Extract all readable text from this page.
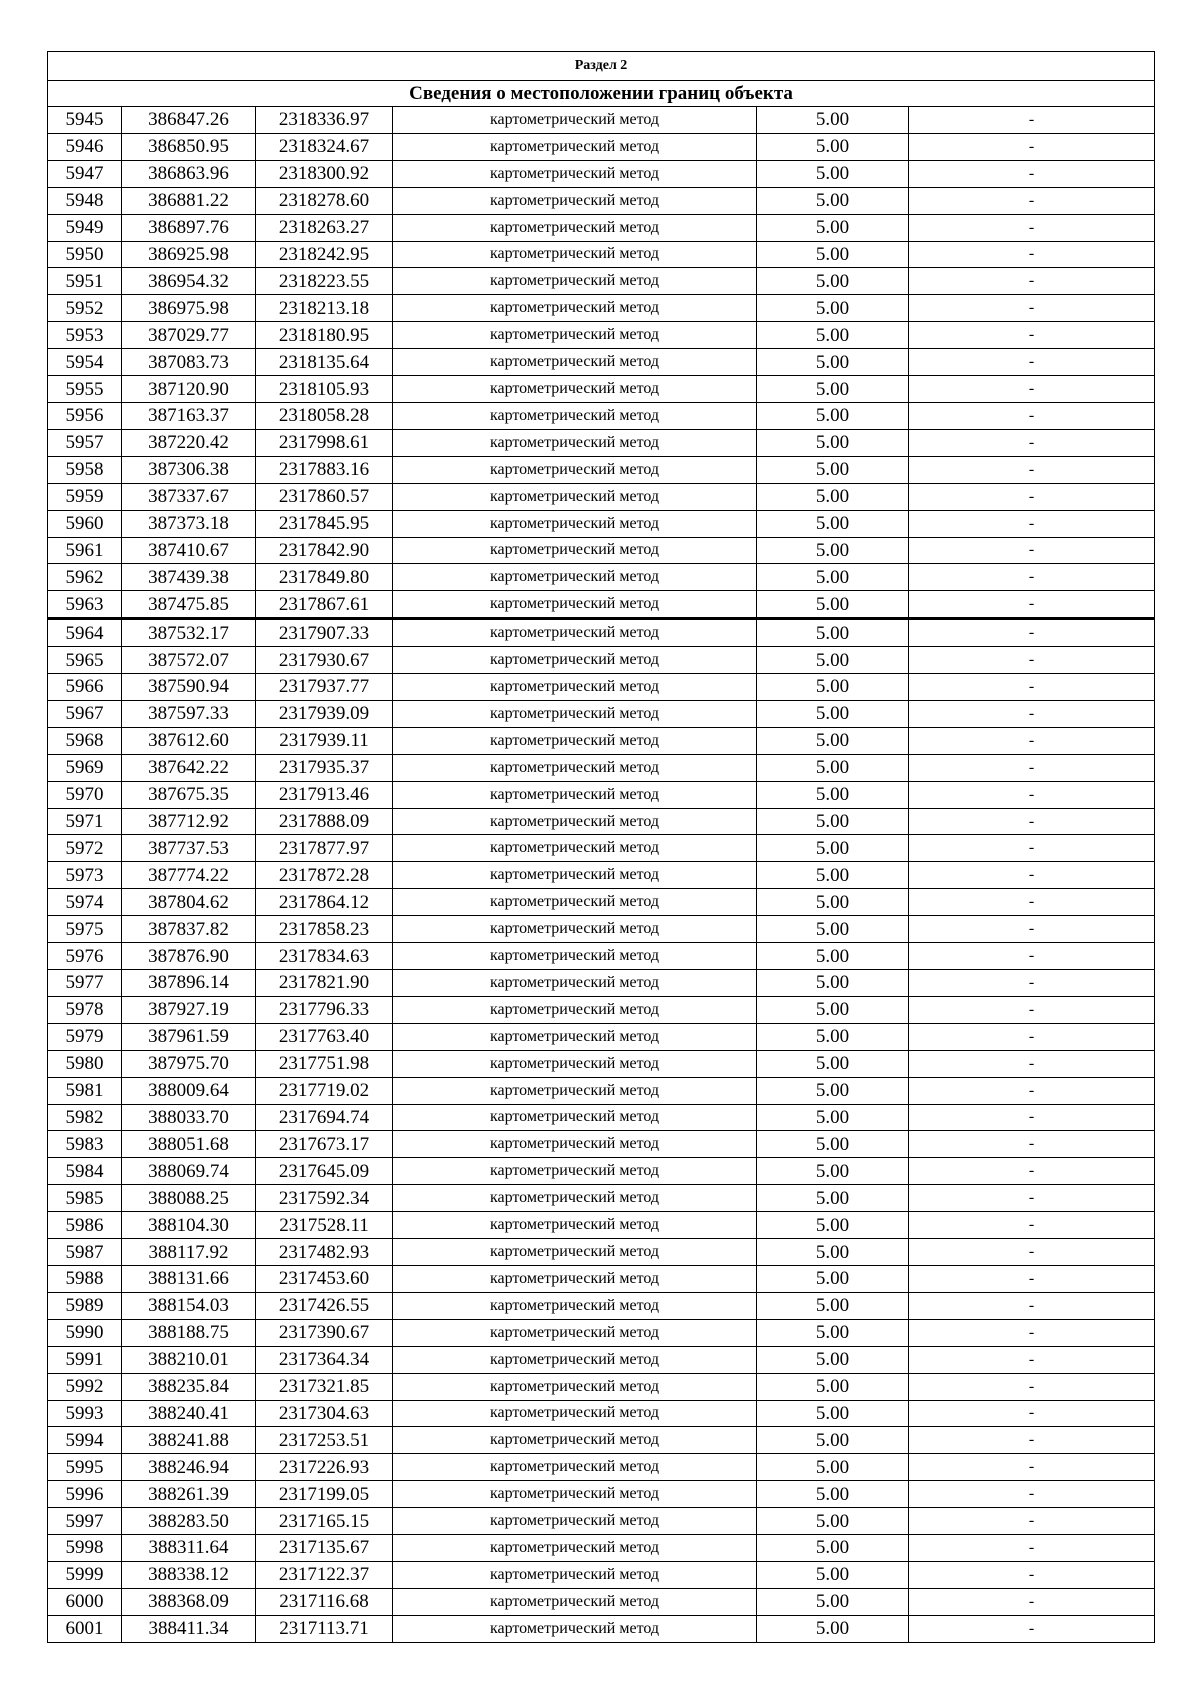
Раздел 2					
Сведения о местоположении границ объекта					
5945	386847.26	2318336.97	картометрический метод	5.00	-
5946	386850.95	2318324.67	картометрический метод	5.00	-
5947	386863.96	2318300.92	картометрический метод	5.00	-
5948	386881.22	2318278.60	картометрический метод	5.00	-
5949	386897.76	2318263.27	картометрический метод	5.00	-
5950	386925.98	2318242.95	картометрический метод	5.00	-
5951	386954.32	2318223.55	картометрический метод	5.00	-
5952	386975.98	2318213.18	картометрический метод	5.00	-
5953	387029.77	2318180.95	картометрический метод	5.00	-
5954	387083.73	2318135.64	картометрический метод	5.00	-
5955	387120.90	2318105.93	картометрический метод	5.00	-
5956	387163.37	2318058.28	картометрический метод	5.00	-
5957	387220.42	2317998.61	картометрический метод	5.00	-
5958	387306.38	2317883.16	картометрический метод	5.00	-
5959	387337.67	2317860.57	картометрический метод	5.00	-
5960	387373.18	2317845.95	картометрический метод	5.00	-
5961	387410.67	2317842.90	картометрический метод	5.00	-
5962	387439.38	2317849.80	картометрический метод	5.00	-
5963	387475.85	2317867.61	картометрический метод	5.00	-
5964	387532.17	2317907.33	картометрический метод	5.00	-
5965	387572.07	2317930.67	картометрический метод	5.00	-
5966	387590.94	2317937.77	картометрический метод	5.00	-
5967	387597.33	2317939.09	картометрический метод	5.00	-
5968	387612.60	2317939.11	картометрический метод	5.00	-
5969	387642.22	2317935.37	картометрический метод	5.00	-
5970	387675.35	2317913.46	картометрический метод	5.00	-
5971	387712.92	2317888.09	картометрический метод	5.00	-
5972	387737.53	2317877.97	картометрический метод	5.00	-
5973	387774.22	2317872.28	картометрический метод	5.00	-
5974	387804.62	2317864.12	картометрический метод	5.00	-
5975	387837.82	2317858.23	картометрический метод	5.00	-
5976	387876.90	2317834.63	картометрический метод	5.00	-
5977	387896.14	2317821.90	картометрический метод	5.00	-
5978	387927.19	2317796.33	картометрический метод	5.00	-
5979	387961.59	2317763.40	картометрический метод	5.00	-
5980	387975.70	2317751.98	картометрический метод	5.00	-
5981	388009.64	2317719.02	картометрический метод	5.00	-
5982	388033.70	2317694.74	картометрический метод	5.00	-
5983	388051.68	2317673.17	картометрический метод	5.00	-
5984	388069.74	2317645.09	картометрический метод	5.00	-
5985	388088.25	2317592.34	картометрический метод	5.00	-
5986	388104.30	2317528.11	картометрический метод	5.00	-
5987	388117.92	2317482.93	картометрический метод	5.00	-
5988	388131.66	2317453.60	картометрический метод	5.00	-
5989	388154.03	2317426.55	картометрический метод	5.00	-
5990	388188.75	2317390.67	картометрический метод	5.00	-
5991	388210.01	2317364.34	картометрический метод	5.00	-
5992	388235.84	2317321.85	картометрический метод	5.00	-
5993	388240.41	2317304.63	картометрический метод	5.00	-
5994	388241.88	2317253.51	картометрический метод	5.00	-
5995	388246.94	2317226.93	картометрический метод	5.00	-
5996	388261.39	2317199.05	картометрический метод	5.00	-
5997	388283.50	2317165.15	картометрический метод	5.00	-
5998	388311.64	2317135.67	картометрический метод	5.00	-
5999	388338.12	2317122.37	картометрический метод	5.00	-
6000	388368.09	2317116.68	картометрический метод	5.00	-
6001	388411.34	2317113.71	картометрический метод	5.00	-
